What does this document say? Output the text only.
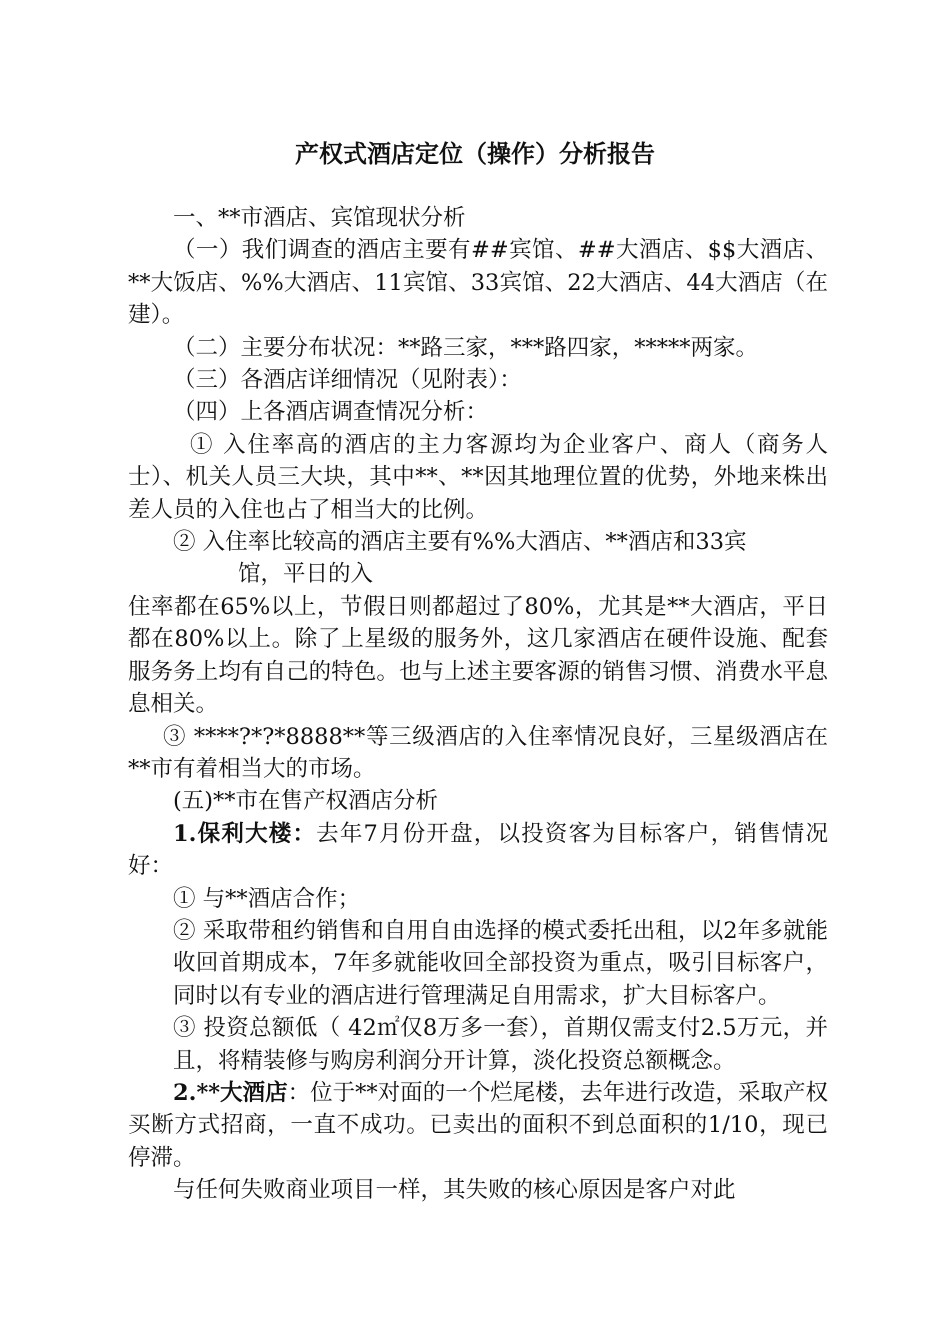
产权式酒店定位（操作）分析报告

一、**市酒店、宾馆现状分析

（一）我们调查的酒店主要有##宾馆、##大酒店、$$大酒店、**大饭店、%%大酒店、11宾馆、33宾馆、22大酒店、44大酒店（在建）。

（二）主要分布状况：**路三家，***路四家，*****两家。

（三）各酒店详细情况（见附表）：

（四）上各酒店调查情况分析：

① 入住率高的酒店的主力客源均为企业客户、商人（商务人士）、机关人员三大块，其中**、**因其地理位置的优势，外地来株出差人员的入住也占了相当大的比例。

② 入住率比较高的酒店主要有%%大酒店、**酒店和33宾
馆，平日的入

住率都在65%以上，节假日则都超过了80%，尤其是**大酒店，平日都在80%以上。除了上星级的服务外，这几家酒店在硬件设施、配套服务务上均有自己的特色。也与上述主要客源的销售习惯、消费水平息息相关。

③ ****?*?*8888**等三级酒店的入住率情况良好，三星级酒店在**市有着相当大的市场。

(五)**市在售产权酒店分析

1.保利大楼：去年7月份开盘，以投资客为目标客户，销售情况好：

① 与**酒店合作；

② 采取带租约销售和自用自由选择的模式委托出租，以2年多就能收回首期成本，7年多就能收回全部投资为重点，吸引目标客户，同时以有专业的酒店进行管理满足自用需求，扩大目标客户。

③ 投资总额低（ 42㎡仅8万多一套），首期仅需支付2.5万元，并且，将精装修与购房利润分开计算，淡化投资总额概念。

2.**大酒店：位于**对面的一个烂尾楼，去年进行改造，采取产权买断方式招商，一直不成功。已卖出的面积不到总面积的1/10，现已停滞。

与任何失败商业项目一样，其失败的核心原因是客户对此
